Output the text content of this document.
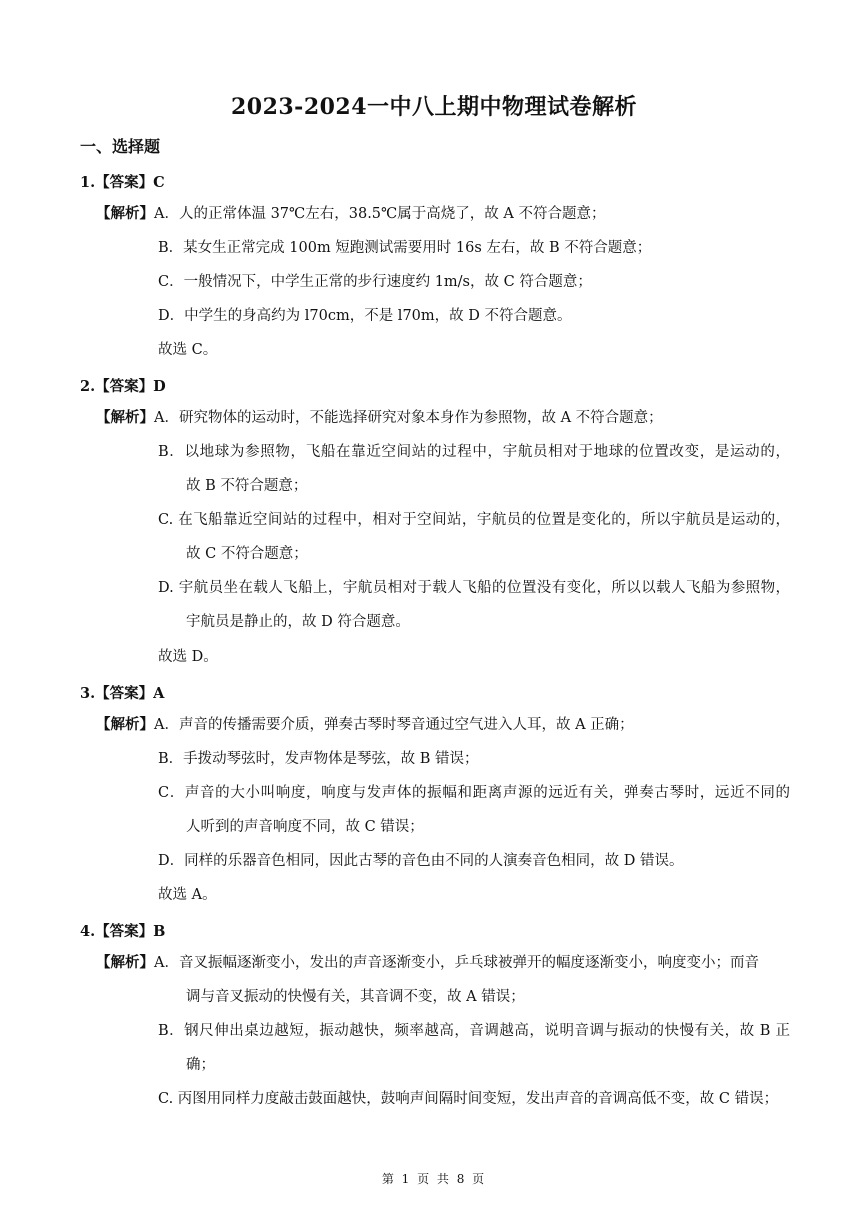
2023-2024一中八上期中物理试卷解析
一、选择题
1.【答案】C
【解析】A．人的正常体温 37℃左右，38.5℃属于高烧了，故 A 不符合题意；
B．某女生正常完成 100m 短跑测试需要用时 16s 左右，故 B 不符合题意；
C．一般情况下，中学生正常的步行速度约 1m/s，故 C 符合题意；
D．中学生的身高约为 l70cm，不是 l70m，故 D 不符合题意。
故选 C。
2.【答案】D
【解析】A．研究物体的运动时，不能选择研究对象本身作为参照物，故 A 不符合题意；
B．以地球为参照物，飞船在靠近空间站的过程中，宇航员相对于地球的位置改变，是运动的，
故 B 不符合题意；
C. 在飞船靠近空间站的过程中，相对于空间站，宇航员的位置是变化的，所以宇航员是运动的，
故 C 不符合题意；
D. 宇航员坐在载人飞船上，宇航员相对于载人飞船的位置没有变化，所以以载人飞船为参照物，
宇航员是静止的，故 D 符合题意。
故选 D。
3.【答案】A
【解析】A．声音的传播需要介质，弹奏古琴时琴音通过空气进入人耳，故 A 正确；
B．手拨动琴弦时，发声物体是琴弦，故 B 错误；
C．声音的大小叫响度，响度与发声体的振幅和距离声源的远近有关，弹奏古琴时，远近不同的
人听到的声音响度不同，故 C 错误；
D．同样的乐器音色相同，因此古琴的音色由不同的人演奏音色相同，故 D 错误。
故选 A。
4.【答案】B
【解析】A．音叉振幅逐渐变小，发出的声音逐渐变小，乒乓球被弹开的幅度逐渐变小，响度变小；而音
调与音叉振动的快慢有关，其音调不变，故 A 错误；
B．钢尺伸出桌边越短，振动越快，频率越高，音调越高，说明音调与振动的快慢有关，故 B 正
确；
C. 丙图用同样力度敲击鼓面越快，鼓响声间隔时间变短，发出声音的音调高低不变，故 C 错误；
第 1 页 共 8 页
